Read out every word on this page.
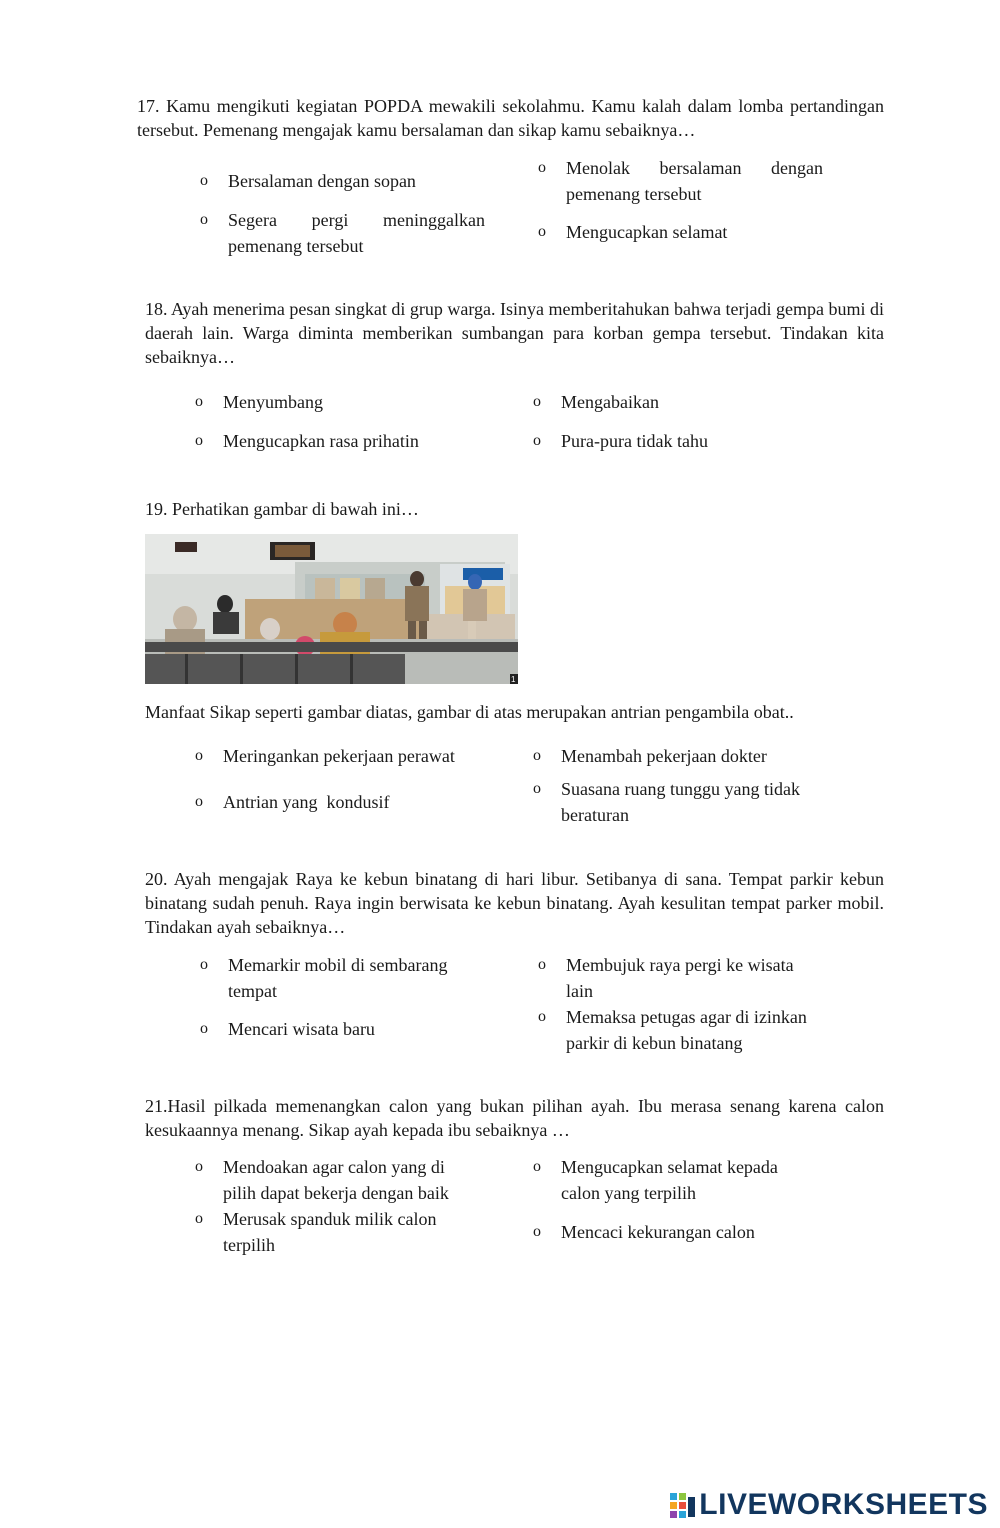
17. Kamu mengikuti kegiatan POPDA mewakili sekolahmu. Kamu kalah dalam lomba pertandingan tersebut. Pemenang mengajak kamu bersalaman dan sikap kamu sebaiknya…
o	Bersalaman dengan sopan
o	Menolak bersalaman dengan pemenang tersebut
o	Segera pergi meninggalkan pemenang tersebut
o	Mengucapkan selamat
18. Ayah menerima pesan singkat di grup warga. Isinya memberitahukan bahwa terjadi gempa bumi di daerah lain. Warga diminta memberikan sumbangan para korban gempa tersebut. Tindakan kita sebaiknya…
o	Menyumbang	o	Mengabaikan
o	Mengucapkan rasa prihatin	o	Pura-pura tidak tahu
19. Perhatikan gambar di bawah ini…
1
Manfaat Sikap seperti gambar diatas, gambar di atas merupakan antrian pengambila obat..
o	Meringankan pekerjaan perawat	o	Menambah pekerjaan dokter
o	Antrian yang  kondusif
o	Suasana ruang tunggu yang tidak beraturan
20. Ayah mengajak Raya ke kebun binatang di hari libur. Setibanya di sana. Tempat parkir kebun binatang sudah penuh. Raya ingin berwisata ke kebun binatang. Ayah kesulitan tempat parker mobil. Tindakan ayah sebaiknya…
o	Memarkir mobil di sembarang tempat
o	Membujuk raya pergi ke wisata lain
o	Mencari wisata baru
o	Memaksa petugas agar di izinkan parkir di kebun binatang
21.Hasil pilkada memenangkan calon yang bukan pilihan ayah. Ibu merasa senang karena calon kesukaannya menang. Sikap ayah kepada ibu sebaiknya …
o	Mendoakan agar calon yang di pilih dapat bekerja dengan baik
o	Mengucapkan selamat kepada calon yang terpilih
o	Merusak spanduk milik calon terpilih
o	Mencaci kekurangan calon
LIVEWORKSHEETS
